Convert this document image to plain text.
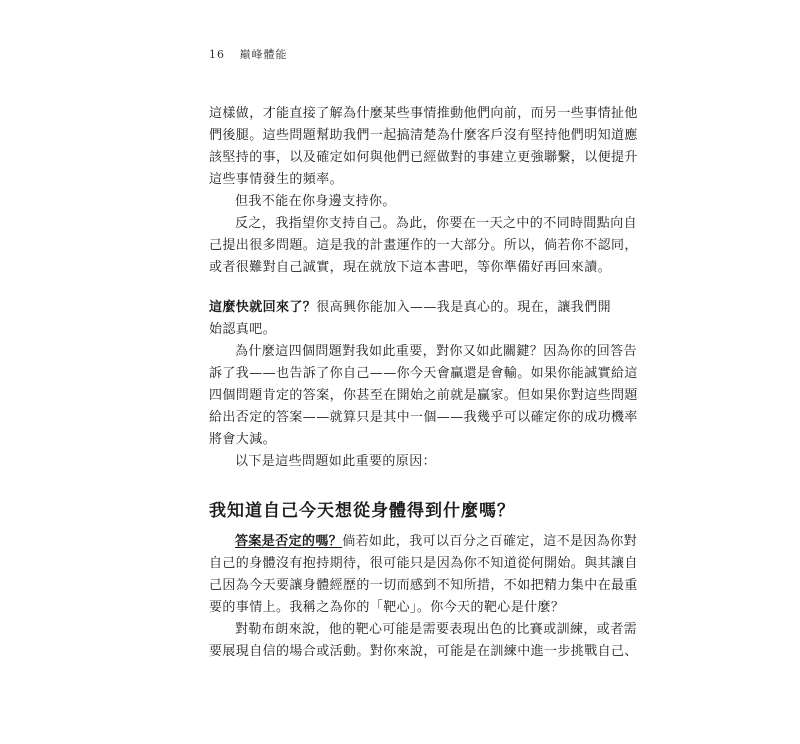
16 巔峰體能
這樣做，才能直接了解為什麼某些事情推動他們向前，而另一些事情扯他
們後腿。這些問題幫助我們一起搞清楚為什麼客戶沒有堅持他們明知道應
該堅持的事，以及確定如何與他們已經做對的事建立更強聯繫，以便提升
這些事情發生的頻率。
但我不能在你身邊支持你。
反之，我指望你支持自己。為此，你要在一天之中的不同時間點向自
己提出很多問題。這是我的計畫運作的一大部分。所以，倘若你不認同，
或者很難對自己誠實，現在就放下這本書吧，等你準備好再回來讀。
這麼快就回來了？很高興你能加入——我是真心的。現在，讓我們開
始認真吧。
為什麼這四個問題對我如此重要，對你又如此關鍵？因為你的回答告
訴了我——也告訴了你自己——你今天會贏還是會輸。如果你能誠實給這
四個問題肯定的答案，你甚至在開始之前就是贏家。但如果你對這些問題
給出否定的答案——就算只是其中一個——我幾乎可以確定你的成功機率
將會大減。
以下是這些問題如此重要的原因：
我知道自己今天想從身體得到什麼嗎？
答案是否定的嗎？倘若如此，我可以百分之百確定，這不是因為你對
自己的身體沒有抱持期待，很可能只是因為你不知道從何開始。與其讓自
己因為今天要讓身體經歷的一切而感到不知所措，不如把精力集中在最重
要的事情上。我稱之為你的「靶心」。你今天的靶心是什麼？
對勒布朗來說，他的靶心可能是需要表現出色的比賽或訓練，或者需
要展現自信的場合或活動。對你來說，可能是在訓練中進一步挑戰自己、
